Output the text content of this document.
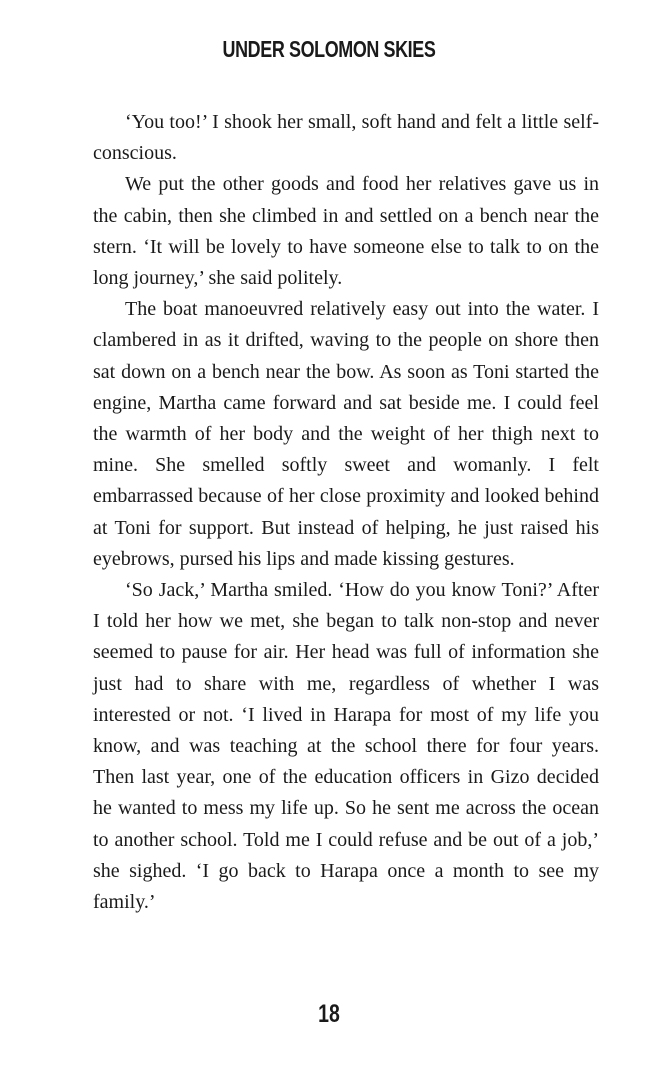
UNDER SOLOMON SKIES

‘You too!’ I shook her small, soft hand and felt a little self-conscious.

We put the other goods and food her relatives gave us in the cabin, then she climbed in and settled on a bench near the stern. ‘It will be lovely to have someone else to talk to on the long journey,’ she said politely.

The boat manoeuvred relatively easy out into the water. I clambered in as it drifted, waving to the people on shore then sat down on a bench near the bow. As soon as Toni started the engine, Martha came forward and sat beside me. I could feel the warmth of her body and the weight of her thigh next to mine. She smelled softly sweet and womanly. I felt embarrassed because of her close proximity and looked behind at Toni for support. But instead of helping, he just raised his eyebrows, pursed his lips and made kissing gestures.

‘So Jack,’ Martha smiled. ‘How do you know Toni?’ After I told her how we met, she began to talk non-stop and never seemed to pause for air. Her head was full of information she just had to share with me, regardless of whether I was interested or not. ‘I lived in Harapa for most of my life you know, and was teaching at the school there for four years. Then last year, one of the education officers in Gizo decided he wanted to mess my life up. So he sent me across the ocean to another school. Told me I could refuse and be out of a job,’ she sighed. ‘I go back to Harapa once a month to see my family.’

18
